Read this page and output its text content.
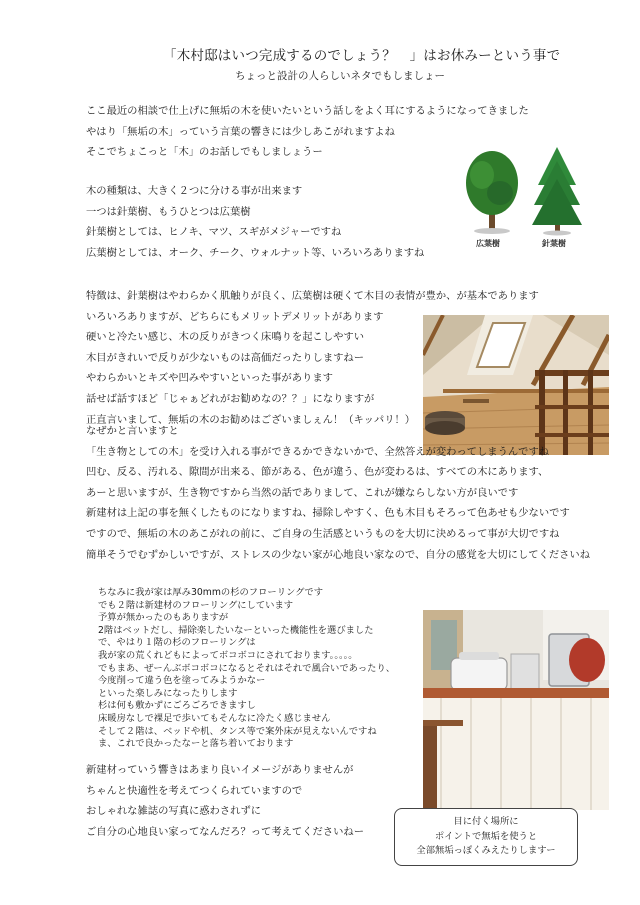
「木村邸はいつ完成するのでしょう？　」はお休みーという事で
ちょっと設計の人らしいネタでもしましょー
ここ最近の相談で仕上げに無垢の木を使いたいという話しをよく耳にするようになってきました
やはり「無垢の木」っていう言葉の響きには少しあこがれますよね
そこでちょこっと「木」のお話しでもしましょうー
木の種類は、大きく２つに分ける事が出来ます
一つは針葉樹、もうひとつは広葉樹
針葉樹としては、ヒノキ、マツ、スギがメジャーですね
広葉樹としては、オーク、チーク、ウォルナット等、いろいろありますね
広葉樹	針葉樹
特徴は、針葉樹はやわらかく肌触りが良く、広葉樹は硬くて木目の表情が豊か、が基本であります
いろいろありますが、どちらにもメリットデメリットがあります
硬いと冷たい感じ、木の反りがきつく床鳴りを起こしやすい
木目がきれいで反りが少ないものは高価だったりしますねー
やわらかいとキズや凹みやすいといった事があります
話せば話すほど「じゃぁどれがお勧めなの？？」になりますが
正直言いまして、無垢の木のお勧めはございましぇん！（キッパリ！）
なぜかと言いますと
「生き物としての木」を受け入れる事ができるかできないかで、全然答えが変わってしまうんですね
凹む、反る、汚れる、隙間が出来る、節がある、色が違う、色が変わるは、すべての木にあります、
あーと思いますが、生き物ですから当然の話でありまして、これが嫌ならしない方が良いです
新建材は上記の事を無くしたものになりますね、掃除しやすく、色も木目もそろって色あせも少ないです
ですので、無垢の木のあこがれの前に、ご自身の生活感というものを大切に決めるって事が大切ですね
簡単そうでむずかしいですが、ストレスの少ない家が心地良い家なので、自分の感覚を大切にしてくださいね
ちなみに我が家は厚み30mmの杉のフローリングです
でも２階は新建材のフローリングにしています
予算が無かったのもありますが
2階はベットだし、掃除楽したいなーといった機能性を選びました
で、やはり１階の杉のフローリングは
我が家の荒くれどもによってボコボコにされております。。。。。
でもまあ、ぜーんぶボコボコになるとそれはそれで風合いであったり、
今度削って違う色を塗ってみようかなー
といった楽しみになったりします
杉は何も敷かずにごろごろできますし
床暖房なしで裸足で歩いてもそんなに冷たく感じません
そして２階は、ベッドや机、タンス等で案外床が見えないんですね
ま、これで良かったなーと落ち着いております
新建材っていう響きはあまり良いイメージがありませんが
ちゃんと快適性を考えてつくられていますので
おしゃれな雑誌の写真に惑わされずに
ご自分の心地良い家ってなんだろ？って考えてくださいねー
目に付く場所に
ポイントで無垢を使うと
全部無垢っぽくみえたりしますー
